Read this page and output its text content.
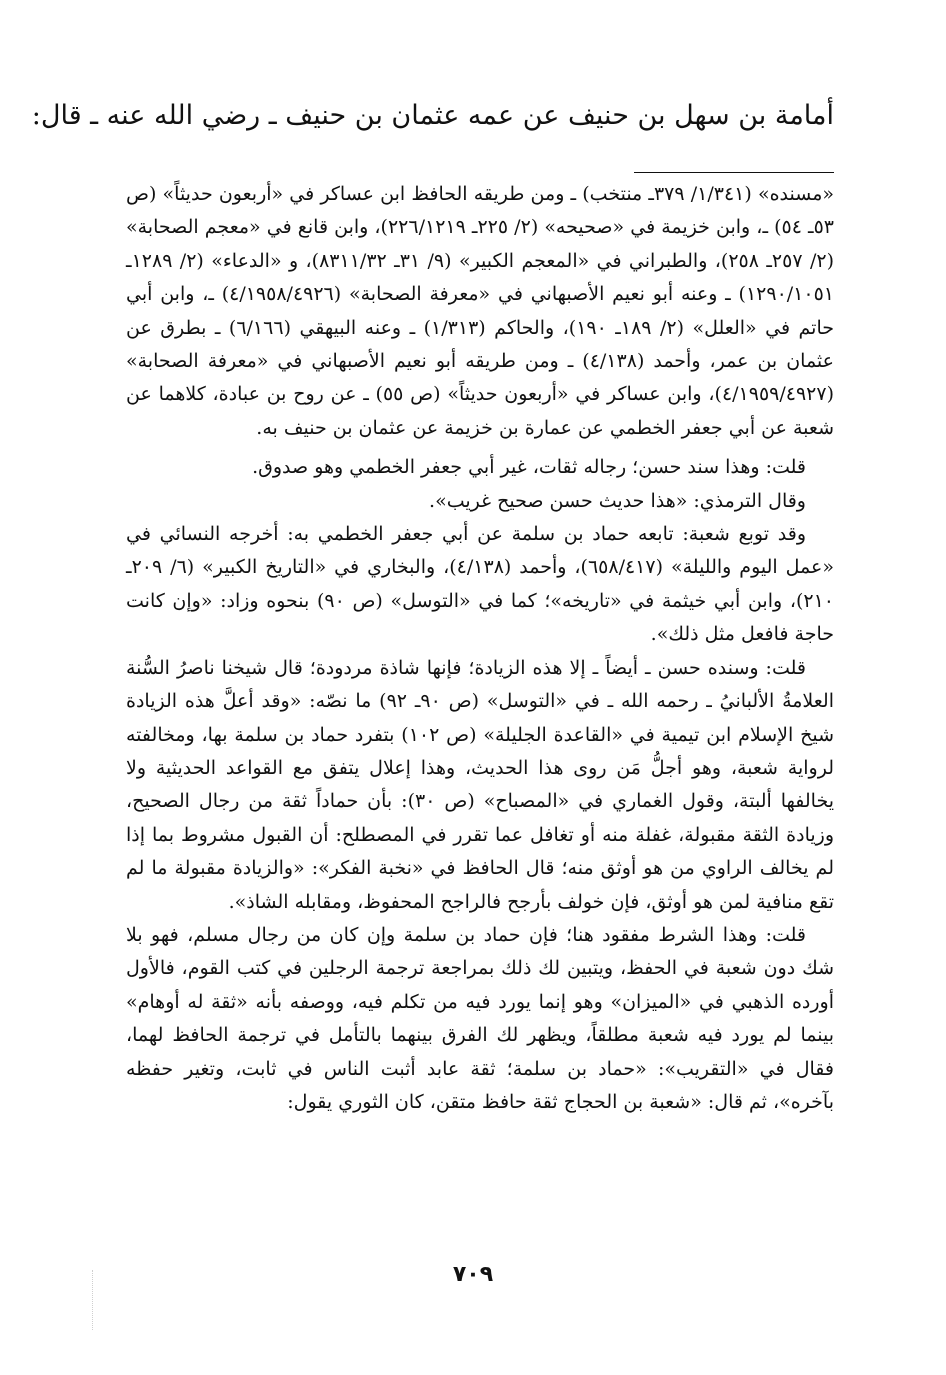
أمامة بن سهل بن حنيف عن عمه عثمان بن حنيف ـ رضي الله عنه ـ قال:

«مسنده» (١/٣٤١/ ٣٧٩ـ منتخب) ـ ومن طريقه الحافظ ابن عساكر في «أربعون حديثاً» (ص ٥٣ـ ٥٤) ـ، وابن خزيمة في «صحيحه» (٢/ ٢٢٥ـ ٢٢٦/١٢١٩)، وابن قانع في «معجم الصحابة» (٢/ ٢٥٧ـ ٢٥٨)، والطبراني في «المعجم الكبير» (٩/ ٣١ـ ٨٣١١/٣٢)، و «الدعاء» (٢/ ١٢٨٩ـ ١٢٩٠/١٠٥١) ـ وعنه أبو نعيم الأصبهاني في «معرفة الصحابة» (٤/١٩٥٨/٤٩٢٦) ـ، وابن أبي حاتم في «العلل» (٢/ ١٨٩ـ ١٩٠)، والحاكم (١/٣١٣) ـ وعنه البيهقي (٦/١٦٦) ـ بطرق عن عثمان بن عمر، وأحمد (٤/١٣٨) ـ ومن طريقه أبو نعيم الأصبهاني في «معرفة الصحابة» (٤/١٩٥٩/٤٩٢٧)، وابن عساكر في «أربعون حديثاً» (ص ٥٥) ـ عن روح بن عبادة، كلاهما عن شعبة عن أبي جعفر الخطمي عن عمارة بن خزيمة عن عثمان بن حنيف به.

قلت: وهذا سند حسن؛ رجاله ثقات، غير أبي جعفر الخطمي وهو صدوق.

وقال الترمذي: «هذا حديث حسن صحيح غريب».

وقد توبع شعبة: تابعه حماد بن سلمة عن أبي جعفر الخطمي به: أخرجه النسائي في «عمل اليوم والليلة» (٦٥٨/٤١٧)، وأحمد (٤/١٣٨)، والبخاري في «التاريخ الكبير» (٦/ ٢٠٩ـ ٢١٠)، وابن أبي خيثمة في «تاريخه»؛ كما في «التوسل» (ص ٩٠) بنحوه وزاد: «وإن كانت حاجة فافعل مثل ذلك».

قلت: وسنده حسن ـ أيضاً ـ إلا هذه الزيادة؛ فإنها شاذة مردودة؛ قال شيخنا ناصرُ السُّنة العلامةُ الألبانيُ ـ رحمه الله ـ في «التوسل» (ص ٩٠ـ ٩٢) ما نصّه: «وقد أعلَّ هذه الزيادة شيخ الإسلام ابن تيمية في «القاعدة الجليلة» (ص ١٠٢) بتفرد حماد بن سلمة بها، ومخالفته لرواية شعبة، وهو أجلُّ مَن روى هذا الحديث، وهذا إعلال يتفق مع القواعد الحديثية ولا يخالفها ألبتة، وقول الغماري في «المصباح» (ص ٣٠): بأن حماداً ثقة من رجال الصحيح، وزيادة الثقة مقبولة، غفلة منه أو تغافل عما تقرر في المصطلح: أن القبول مشروط بما إذا لم يخالف الراوي من هو أوثق منه؛ قال الحافظ في «نخبة الفكر»: «والزيادة مقبولة ما لم تقع منافية لمن هو أوثق، فإن خولف بأرجح فالراجح المحفوظ، ومقابله الشاذ».

قلت: وهذا الشرط مفقود هنا؛ فإن حماد بن سلمة وإن كان من رجال مسلم، فهو بلا شك دون شعبة في الحفظ، ويتبين لك ذلك بمراجعة ترجمة الرجلين في كتب القوم، فالأول أورده الذهبي في «الميزان» وهو إنما يورد فيه من تكلم فيه، ووصفه بأنه «ثقة له أوهام» بينما لم يورد فيه شعبة مطلقاً، ويظهر لك الفرق بينهما بالتأمل في ترجمة الحافظ لهما، فقال في «التقريب»: «حماد بن سلمة؛ ثقة عابد أثبت الناس في ثابت، وتغير حفظه بآخره»، ثم قال: «شعبة بن الحجاج ثقة حافظ متقن، كان الثوري يقول:

٧٠٩
